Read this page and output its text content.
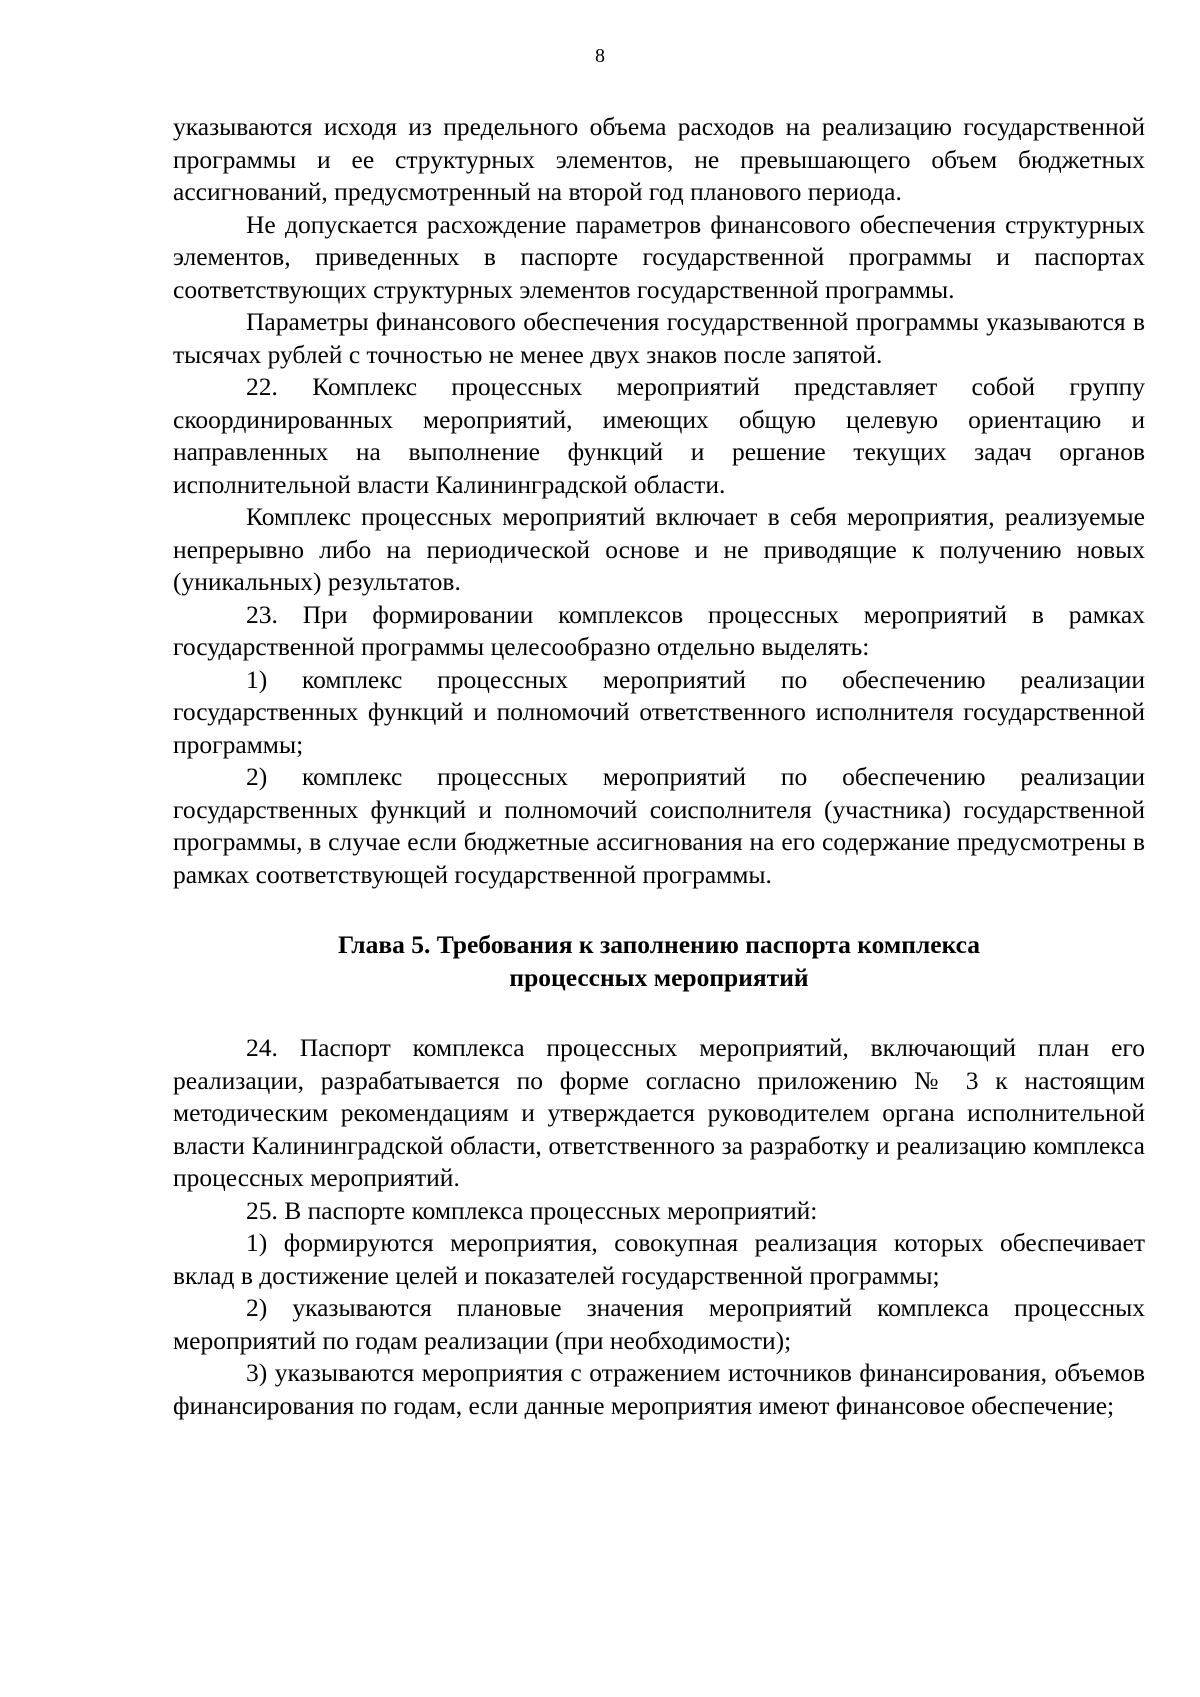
8

указываются исходя из предельного объема расходов на реализацию государственной программы и ее структурных элементов, не превышающего объем бюджетных ассигнований, предусмотренный на второй год планового периода.

Не допускается расхождение параметров финансового обеспечения структурных элементов, приведенных в паспорте государственной программы и паспортах соответствующих структурных элементов государственной программы.

Параметры финансового обеспечения государственной программы указываются в тысячах рублей с точностью не менее двух знаков после запятой.

22. Комплекс процессных мероприятий представляет собой группу скоординированных мероприятий, имеющих общую целевую ориентацию и направленных на выполнение функций и решение текущих задач органов исполнительной власти Калининградской области.

Комплекс процессных мероприятий включает в себя мероприятия, реализуемые непрерывно либо на периодической основе и не приводящие к получению новых (уникальных) результатов.

23. При формировании комплексов процессных мероприятий в рамках государственной программы целесообразно отдельно выделять:

1) комплекс процессных мероприятий по обеспечению реализации государственных функций и полномочий ответственного исполнителя государственной программы;

2) комплекс процессных мероприятий по обеспечению реализации государственных функций и полномочий соисполнителя (участника) государственной программы, в случае если бюджетные ассигнования на его содержание предусмотрены в рамках соответствующей государственной программы.

Глава 5. Требования к заполнению паспорта комплекса

процессных мероприятий

24. Паспорт комплекса процессных мероприятий, включающий план его реализации, разрабатывается по форме согласно приложению № 3 к настоящим методическим рекомендациям и утверждается руководителем органа исполнительной власти Калининградской области, ответственного за разработку и реализацию комплекса процессных мероприятий.

25. В паспорте комплекса процессных мероприятий:

1) формируются мероприятия, совокупная реализация которых обеспечивает вклад в достижение целей и показателей государственной программы;

2) указываются плановые значения мероприятий комплекса процессных мероприятий по годам реализации (при необходимости);

3) указываются мероприятия с отражением источников финансирования, объемов финансирования по годам, если данные мероприятия имеют финансовое обеспечение;
